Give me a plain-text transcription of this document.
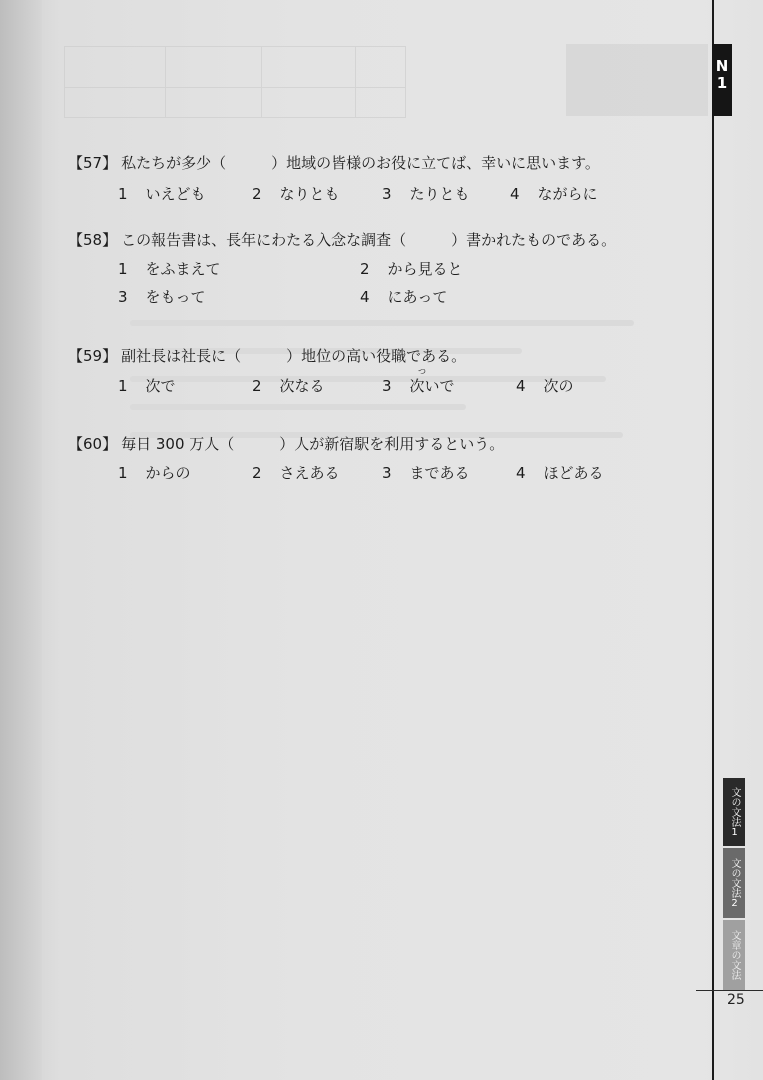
N
1
文の文法1
文の文法2
文章の文法
25
【57】 私たちが多少（　　　）地域の皆様のお役に立てば、幸いに思います。
1 いえども	2 なりとも	3 たりとも	4 ながらに
【58】 この報告書は、長年にわたる入念な調査（　　　）書かれたものである。
1 をふまえて	2 から見ると
3 をもって	4 にあって
【59】 副社長は社長に（　　　）地位の高い役職である。
つ
1 次で	2 次なる	3 次いで	4 次の
【60】 毎日 300 万人（　　　）人が新宿駅を利用するという。
1 からの	2 さえある	3 まである	4 ほどある
